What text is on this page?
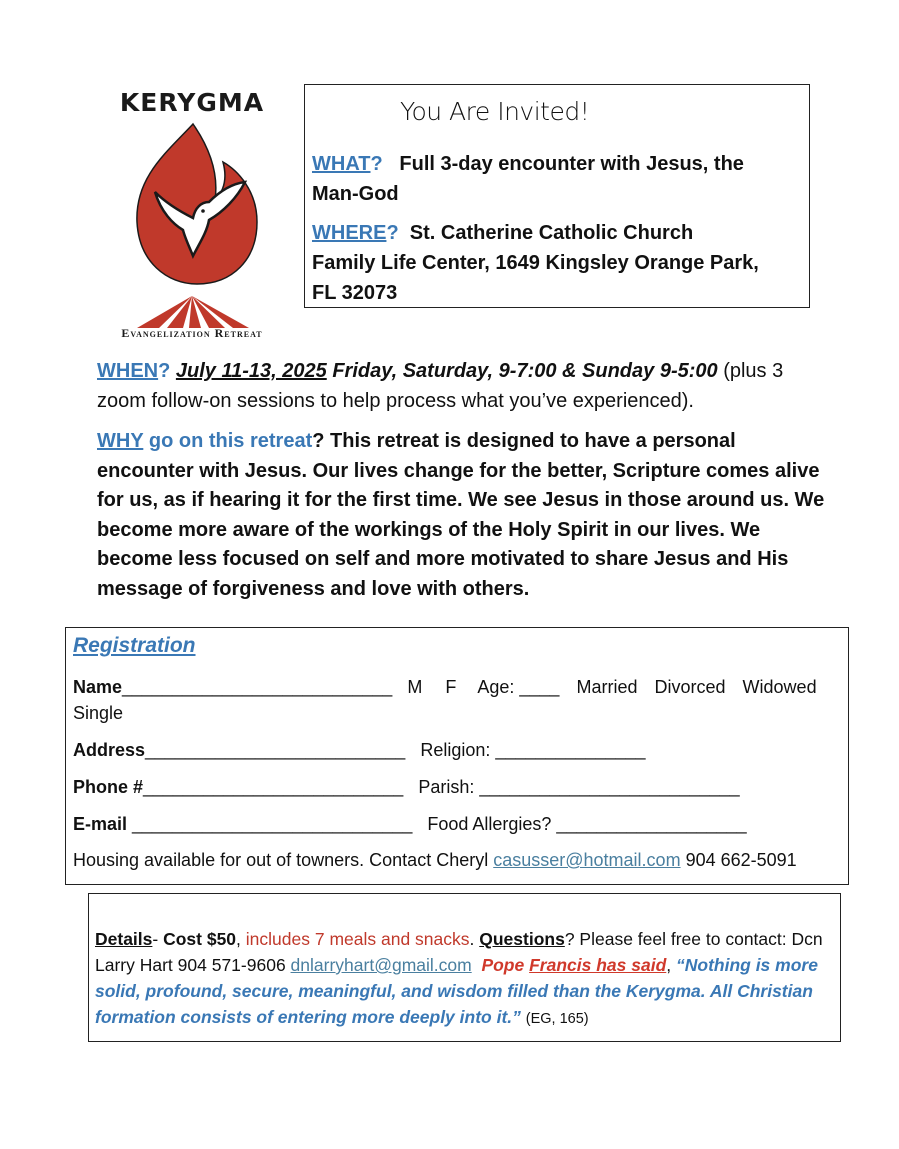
KERYGMA
Evangelization Retreat
You Are Invited!
WHAT? Full 3-day encounter with Jesus, the Man-God
WHERE? St. Catherine Catholic Church
Family Life Center, 1649 Kingsley Orange Park,
FL 32073
WHEN? July 11-13, 2025 Friday, Saturday, 9-7:00 & Sunday 9-5:00 (plus 3 zoom follow-on sessions to help process what you’ve experienced).
WHY go on this retreat? This retreat is designed to have a personal encounter with Jesus. Our lives change for the better, Scripture comes alive for us, as if hearing it for the first time. We see Jesus in those around us. We become more aware of the workings of the Holy Spirit in our lives. We become less focused on self and more motivated to share Jesus and His message of forgiveness and love with others.
Registration
Name___________________________ M F Age: ____ Married Divorced Widowed
Single
Address__________________________ Religion: _______________
Phone #__________________________ Parish: __________________________
E-mail ____________________________ Food Allergies? ___________________
Housing available for out of towners. Contact Cheryl casusser@hotmail.com 904 662-5091
Details- Cost $50, includes 7 meals and snacks. Questions? Please feel free to contact: Dcn Larry Hart 904 571-9606 dnlarryhart@gmail.com Pope Francis has said, “Nothing is more solid, profound, secure, meaningful, and wisdom filled than the Kerygma. All Christian formation consists of entering more deeply into it.” (EG, 165)
